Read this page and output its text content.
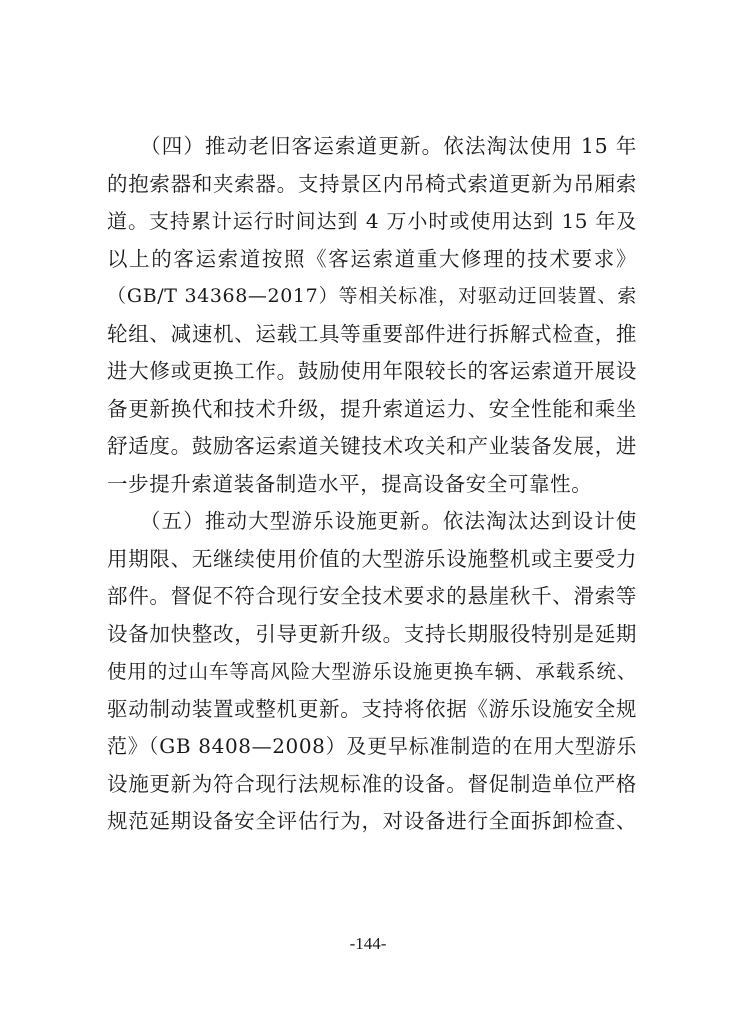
　　（四）推动老旧客运索道更新。依法淘汰使用 15 年
的抱索器和夹索器。支持景区内吊椅式索道更新为吊厢索
道。支持累计运行时间达到 4 万小时或使用达到 15 年及
以上的客运索道按照《客运索道重大修理的技术要求》
（GB/T 34368—2017）等相关标准，对驱动迂回装置、索
轮组、减速机、运载工具等重要部件进行拆解式检查，推
进大修或更换工作。鼓励使用年限较长的客运索道开展设
备更新换代和技术升级，提升索道运力、安全性能和乘坐
舒适度。鼓励客运索道关键技术攻关和产业装备发展，进
一步提升索道装备制造水平，提高设备安全可靠性。
　　（五）推动大型游乐设施更新。依法淘汰达到设计使
用期限、无继续使用价值的大型游乐设施整机或主要受力
部件。督促不符合现行安全技术要求的悬崖秋千、滑索等
设备加快整改，引导更新升级。支持长期服役特别是延期
使用的过山车等高风险大型游乐设施更换车辆、承载系统、
驱动制动装置或整机更新。支持将依据《游乐设施安全规
范》（GB 8408—2008）及更早标准制造的在用大型游乐
设施更新为符合现行法规标准的设备。督促制造单位严格
规范延期设备安全评估行为，对设备进行全面拆卸检查、
-144-
